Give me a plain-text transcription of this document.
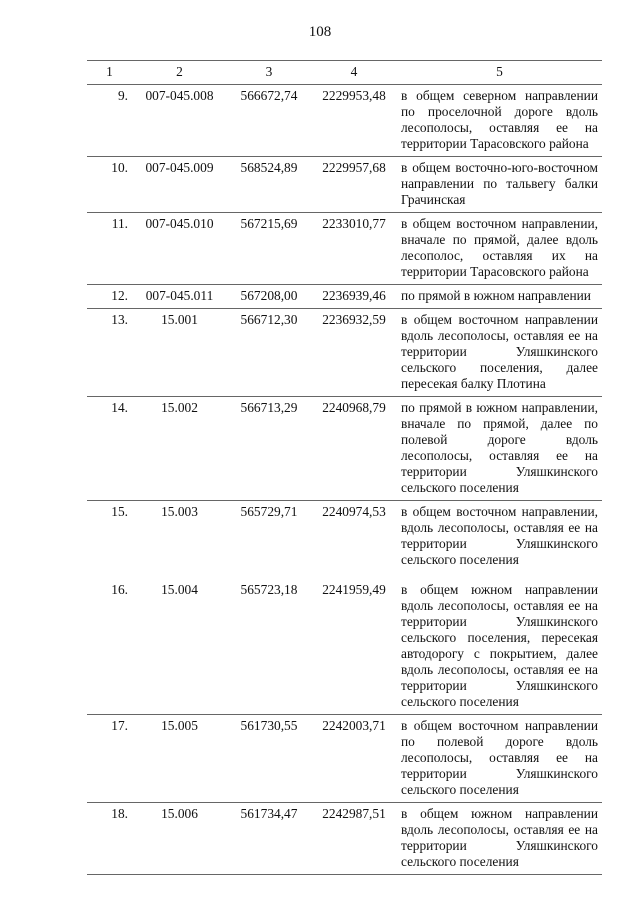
108
1	2	3	4	5
9.	007-045.008	566672,74	2229953,48	в общем северном направлении по проселочной дороге вдоль лесополосы, оставляя ее на территории Тарасовского района
10.	007-045.009	568524,89	2229957,68	в общем восточно-юго-восточном направлении по тальвегу балки Грачинская
11.	007-045.010	567215,69	2233010,77	в общем восточном направлении, вначале по прямой, далее вдоль лесополос, оставляя их на территории Тарасовского района
12.	007-045.011	567208,00	2236939,46	по прямой в южном направлении
13.	15.001	566712,30	2236932,59	в общем восточном направлении вдоль лесополосы, оставляя ее на территории Уляшкинского сельского поселения, далее пересекая балку Плотина
14.	15.002	566713,29	2240968,79	по прямой в южном направлении, вначале по прямой, далее по полевой дороге вдоль лесополосы, оставляя ее на территории Уляшкинского сельского поселения
15.	15.003	565729,71	2240974,53	в общем восточном направлении, вдоль лесополосы, оставляя ее на территории Уляшкинского сельского поселения
16.	15.004	565723,18	2241959,49	в общем южном направлении вдоль лесополосы, оставляя ее на территории Уляшкинского сельского поселения, пересекая автодорогу с покрытием, далее вдоль лесополосы, оставляя ее на территории Уляшкинского сельского поселения
17.	15.005	561730,55	2242003,71	в общем восточном направлении по полевой дороге вдоль лесополосы, оставляя ее на территории Уляшкинского сельского поселения
18.	15.006	561734,47	2242987,51	в общем южном направлении вдоль лесополосы, оставляя ее на территории Уляшкинского сельского поселения
